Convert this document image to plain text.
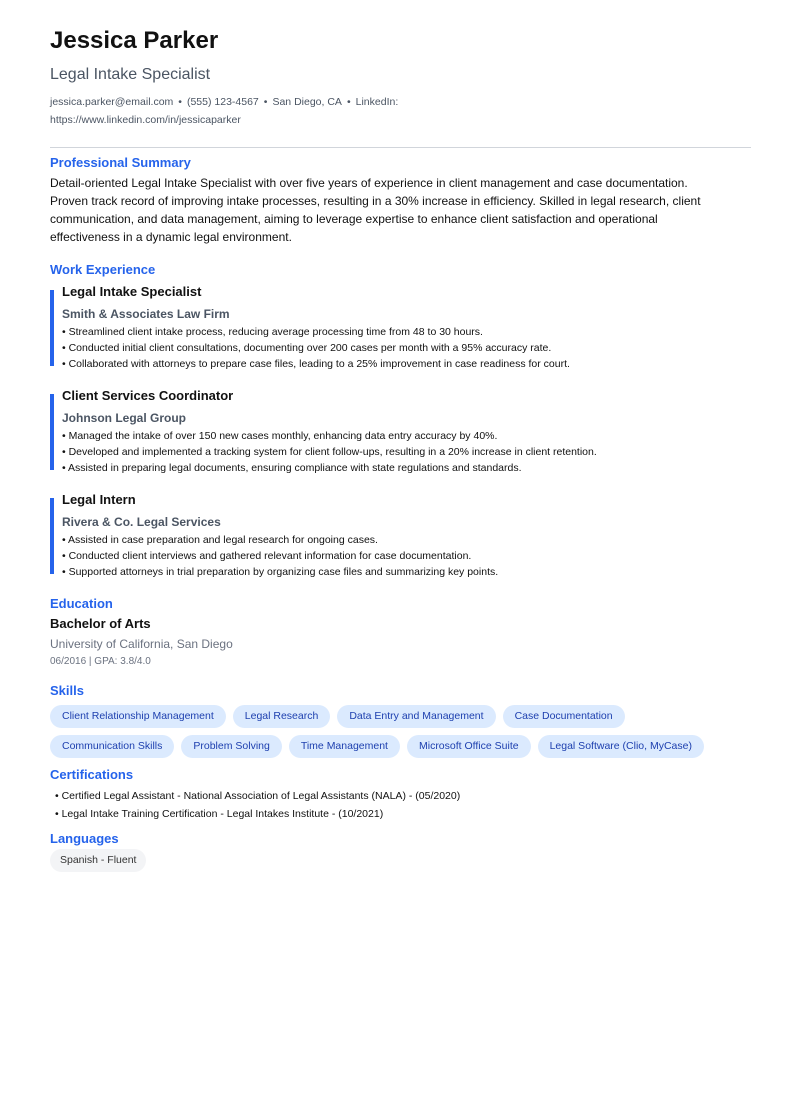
Jessica Parker
Legal Intake Specialist
jessica.parker@email.com • (555) 123-4567 • San Diego, CA • LinkedIn: https://www.linkedin.com/in/jessicaparker
Professional Summary
Detail-oriented Legal Intake Specialist with over five years of experience in client management and case documentation. Proven track record of improving intake processes, resulting in a 30% increase in efficiency. Skilled in legal research, client communication, and data management, aiming to leverage expertise to enhance client satisfaction and operational effectiveness in a dynamic legal environment.
Work Experience
Legal Intake Specialist
Smith & Associates Law Firm
• Streamlined client intake process, reducing average processing time from 48 to 30 hours.
• Conducted initial client consultations, documenting over 200 cases per month with a 95% accuracy rate.
• Collaborated with attorneys to prepare case files, leading to a 25% improvement in case readiness for court.
Client Services Coordinator
Johnson Legal Group
• Managed the intake of over 150 new cases monthly, enhancing data entry accuracy by 40%.
• Developed and implemented a tracking system for client follow-ups, resulting in a 20% increase in client retention.
• Assisted in preparing legal documents, ensuring compliance with state regulations and standards.
Legal Intern
Rivera & Co. Legal Services
• Assisted in case preparation and legal research for ongoing cases.
• Conducted client interviews and gathered relevant information for case documentation.
• Supported attorneys in trial preparation by organizing case files and summarizing key points.
Education
Bachelor of Arts
University of California, San Diego
06/2016 | GPA: 3.8/4.0
Skills
Client Relationship Management	Legal Research	Data Entry and Management	Case Documentation
Communication Skills	Problem Solving	Time Management	Microsoft Office Suite	Legal Software (Clio, MyCase)
Certifications
• Certified Legal Assistant - National Association of Legal Assistants (NALA) - (05/2020)
• Legal Intake Training Certification - Legal Intakes Institute - (10/2021)
Languages
Spanish - Fluent
